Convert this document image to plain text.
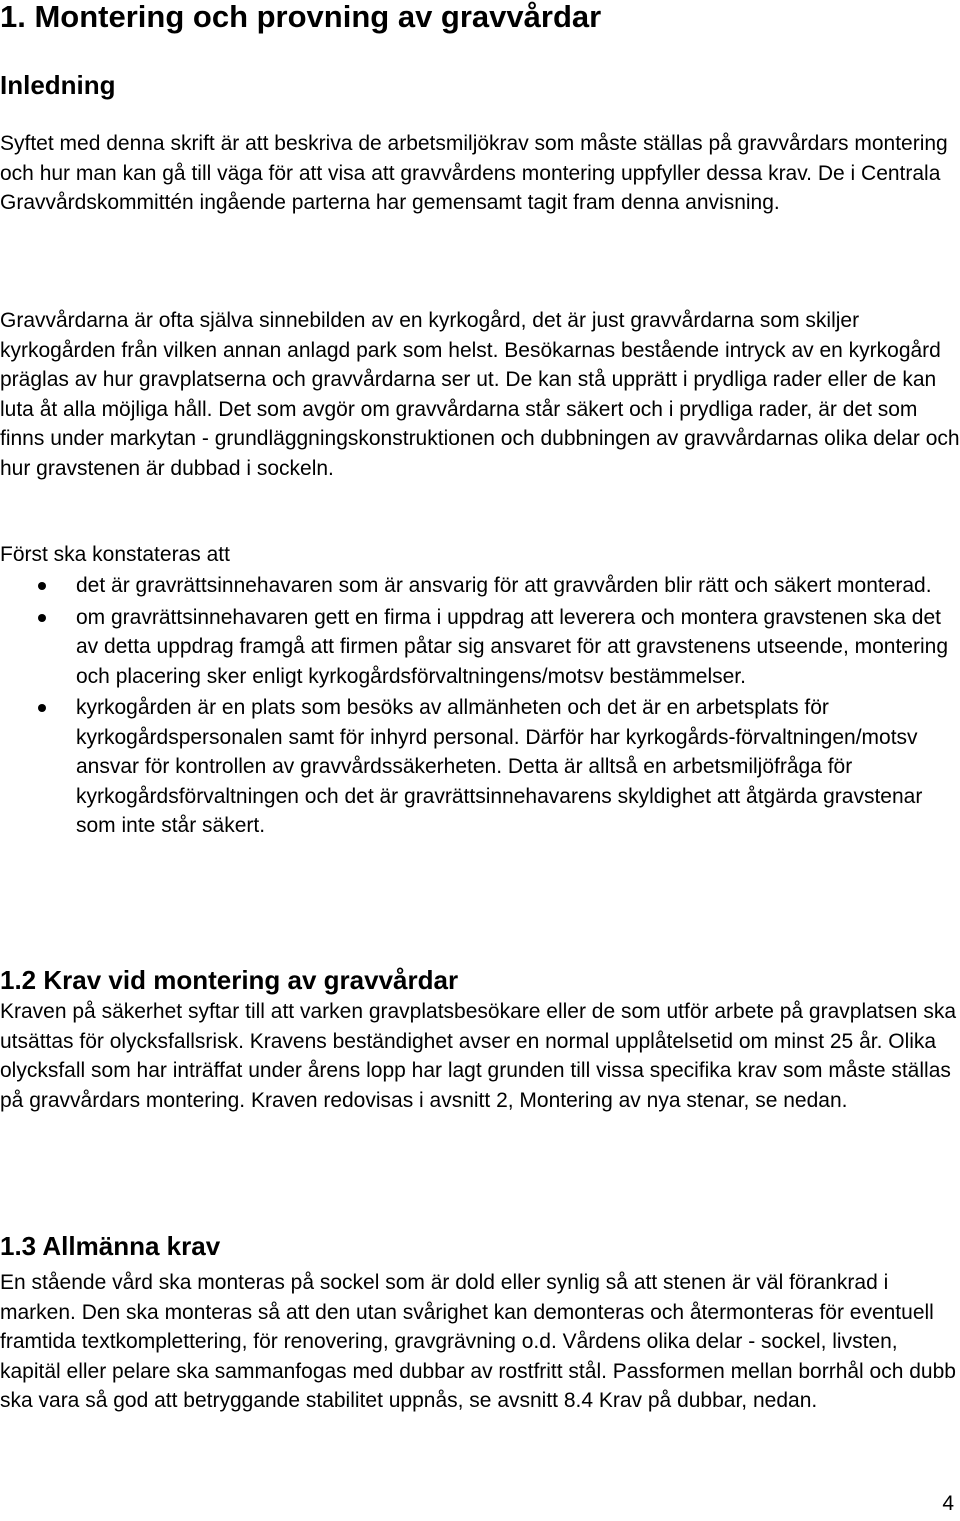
1. Montering och provning av gravvårdar
Inledning

Syftet med denna skrift är att beskriva de arbetsmiljökrav som måste ställas på gravvårdars montering och hur man kan gå till väga för att visa att gravvårdens montering uppfyller dessa krav. De i Centrala Gravvårdskommittén ingående parterna har gemensamt tagit fram denna anvisning.

Gravvårdarna är ofta själva sinnebilden av en kyrkogård, det är just gravvårdarna som skiljer kyrkogården från vilken annan anlagd park som helst. Besökarnas bestående intryck av en kyrkogård präglas av hur gravplatserna och gravvårdarna ser ut. De kan stå upprätt i prydliga rader eller de kan luta åt alla möjliga håll. Det som avgör om gravvårdarna står säkert och i prydliga rader, är det som finns under markytan - grundläggningskonstruktionen och dubbningen av gravvårdarnas olika delar och hur gravstenen är dubbad i sockeln.

Först ska konstateras att

det är gravrättsinnehavaren som är ansvarig för att gravvården blir rätt och säkert monterad.
om gravrättsinnehavaren gett en firma i uppdrag att leverera och montera gravstenen ska det av detta uppdrag framgå att firmen påtar sig ansvaret för att gravstenens utseende, montering och placering sker enligt kyrkogårdsförvaltningens/motsv bestämmelser.
kyrkogården är en plats som besöks av allmänheten och det är en arbetsplats för kyrkogårdspersonalen samt för inhyrd personal. Därför har kyrkogårds-förvaltningen/motsv ansvar för kontrollen av gravvårdssäkerheten. Detta är alltså en arbetsmiljöfråga för kyrkogårdsförvaltningen och det är gravrättsinnehavarens skyldighet att åtgärda gravstenar som inte står säkert.
1.2 Krav vid montering av gravvårdar

Kraven på säkerhet syftar till att varken gravplatsbesökare eller de som utför arbete på gravplatsen ska utsättas för olycksfallsrisk. Kravens beständighet avser en normal upplåtelsetid om minst 25 år. Olika olycksfall som har inträffat under årens lopp har lagt grunden till vissa specifika krav som måste ställas på gravvårdars montering. Kraven redovisas i avsnitt 2, Montering av nya stenar, se nedan.

1.3 Allmänna krav

En stående vård ska monteras på sockel som är dold eller synlig så att stenen är väl förankrad i marken. Den ska monteras så att den utan svårighet kan demonteras och återmonteras för eventuell framtida textkomplettering, för renovering, gravgrävning o.d. Vårdens olika delar - sockel, livsten, kapitäl eller pelare ska sammanfogas med dubbar av rostfritt stål. Passformen mellan borrhål och dubb ska vara så god att betryggande stabilitet uppnås, se avsnitt 8.4 Krav på dubbar, nedan.

4
